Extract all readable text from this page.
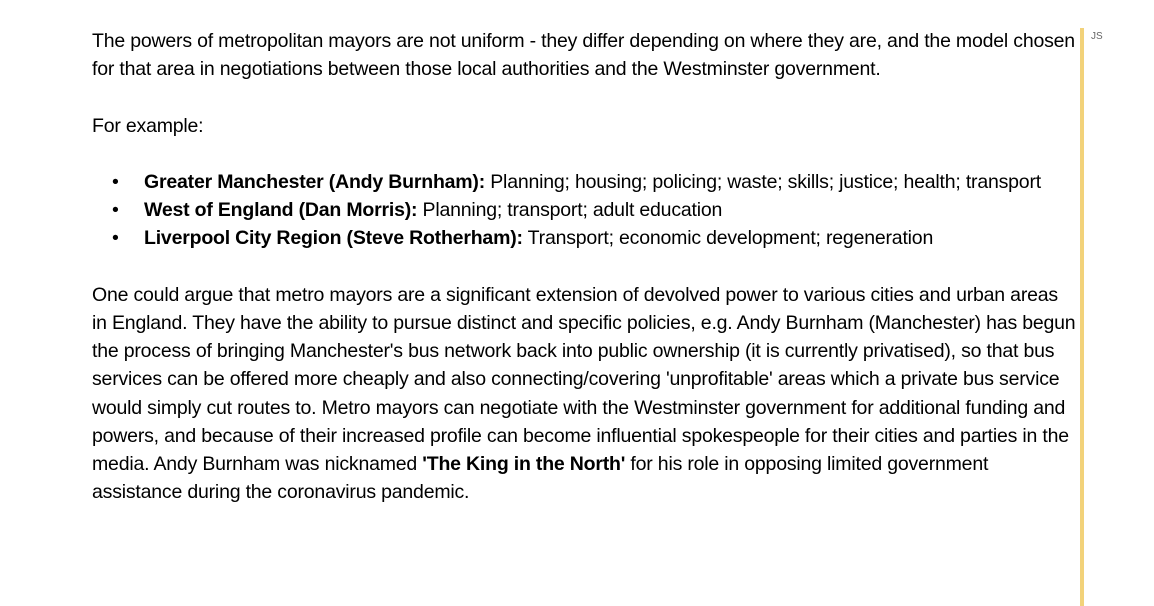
The powers of metropolitan mayors are not uniform - they differ depending on where they are, and the model chosen for that area in negotiations between those local authorities and the Westminster government.

For example:

• Greater Manchester (Andy Burnham): Planning; housing; policing; waste; skills; justice; health; transport
• West of England (Dan Morris): Planning; transport; adult education
• Liverpool City Region (Steve Rotherham): Transport; economic development; regeneration

One could argue that metro mayors are a significant extension of devolved power to various cities and urban areas in England. They have the ability to pursue distinct and specific policies, e.g. Andy Burnham (Manchester) has begun the process of bringing Manchester's bus network back into public ownership (it is currently privatised), so that bus services can be offered more cheaply and also connecting/covering 'unprofitable' areas which a private bus service would simply cut routes to. Metro mayors can negotiate with the Westminster government for additional funding and powers, and because of their increased profile can become influential spokespeople for their cities and parties in the media. Andy Burnham was nicknamed 'The King in the North' for his role in opposing limited government assistance during the coronavirus pandemic.

JS
